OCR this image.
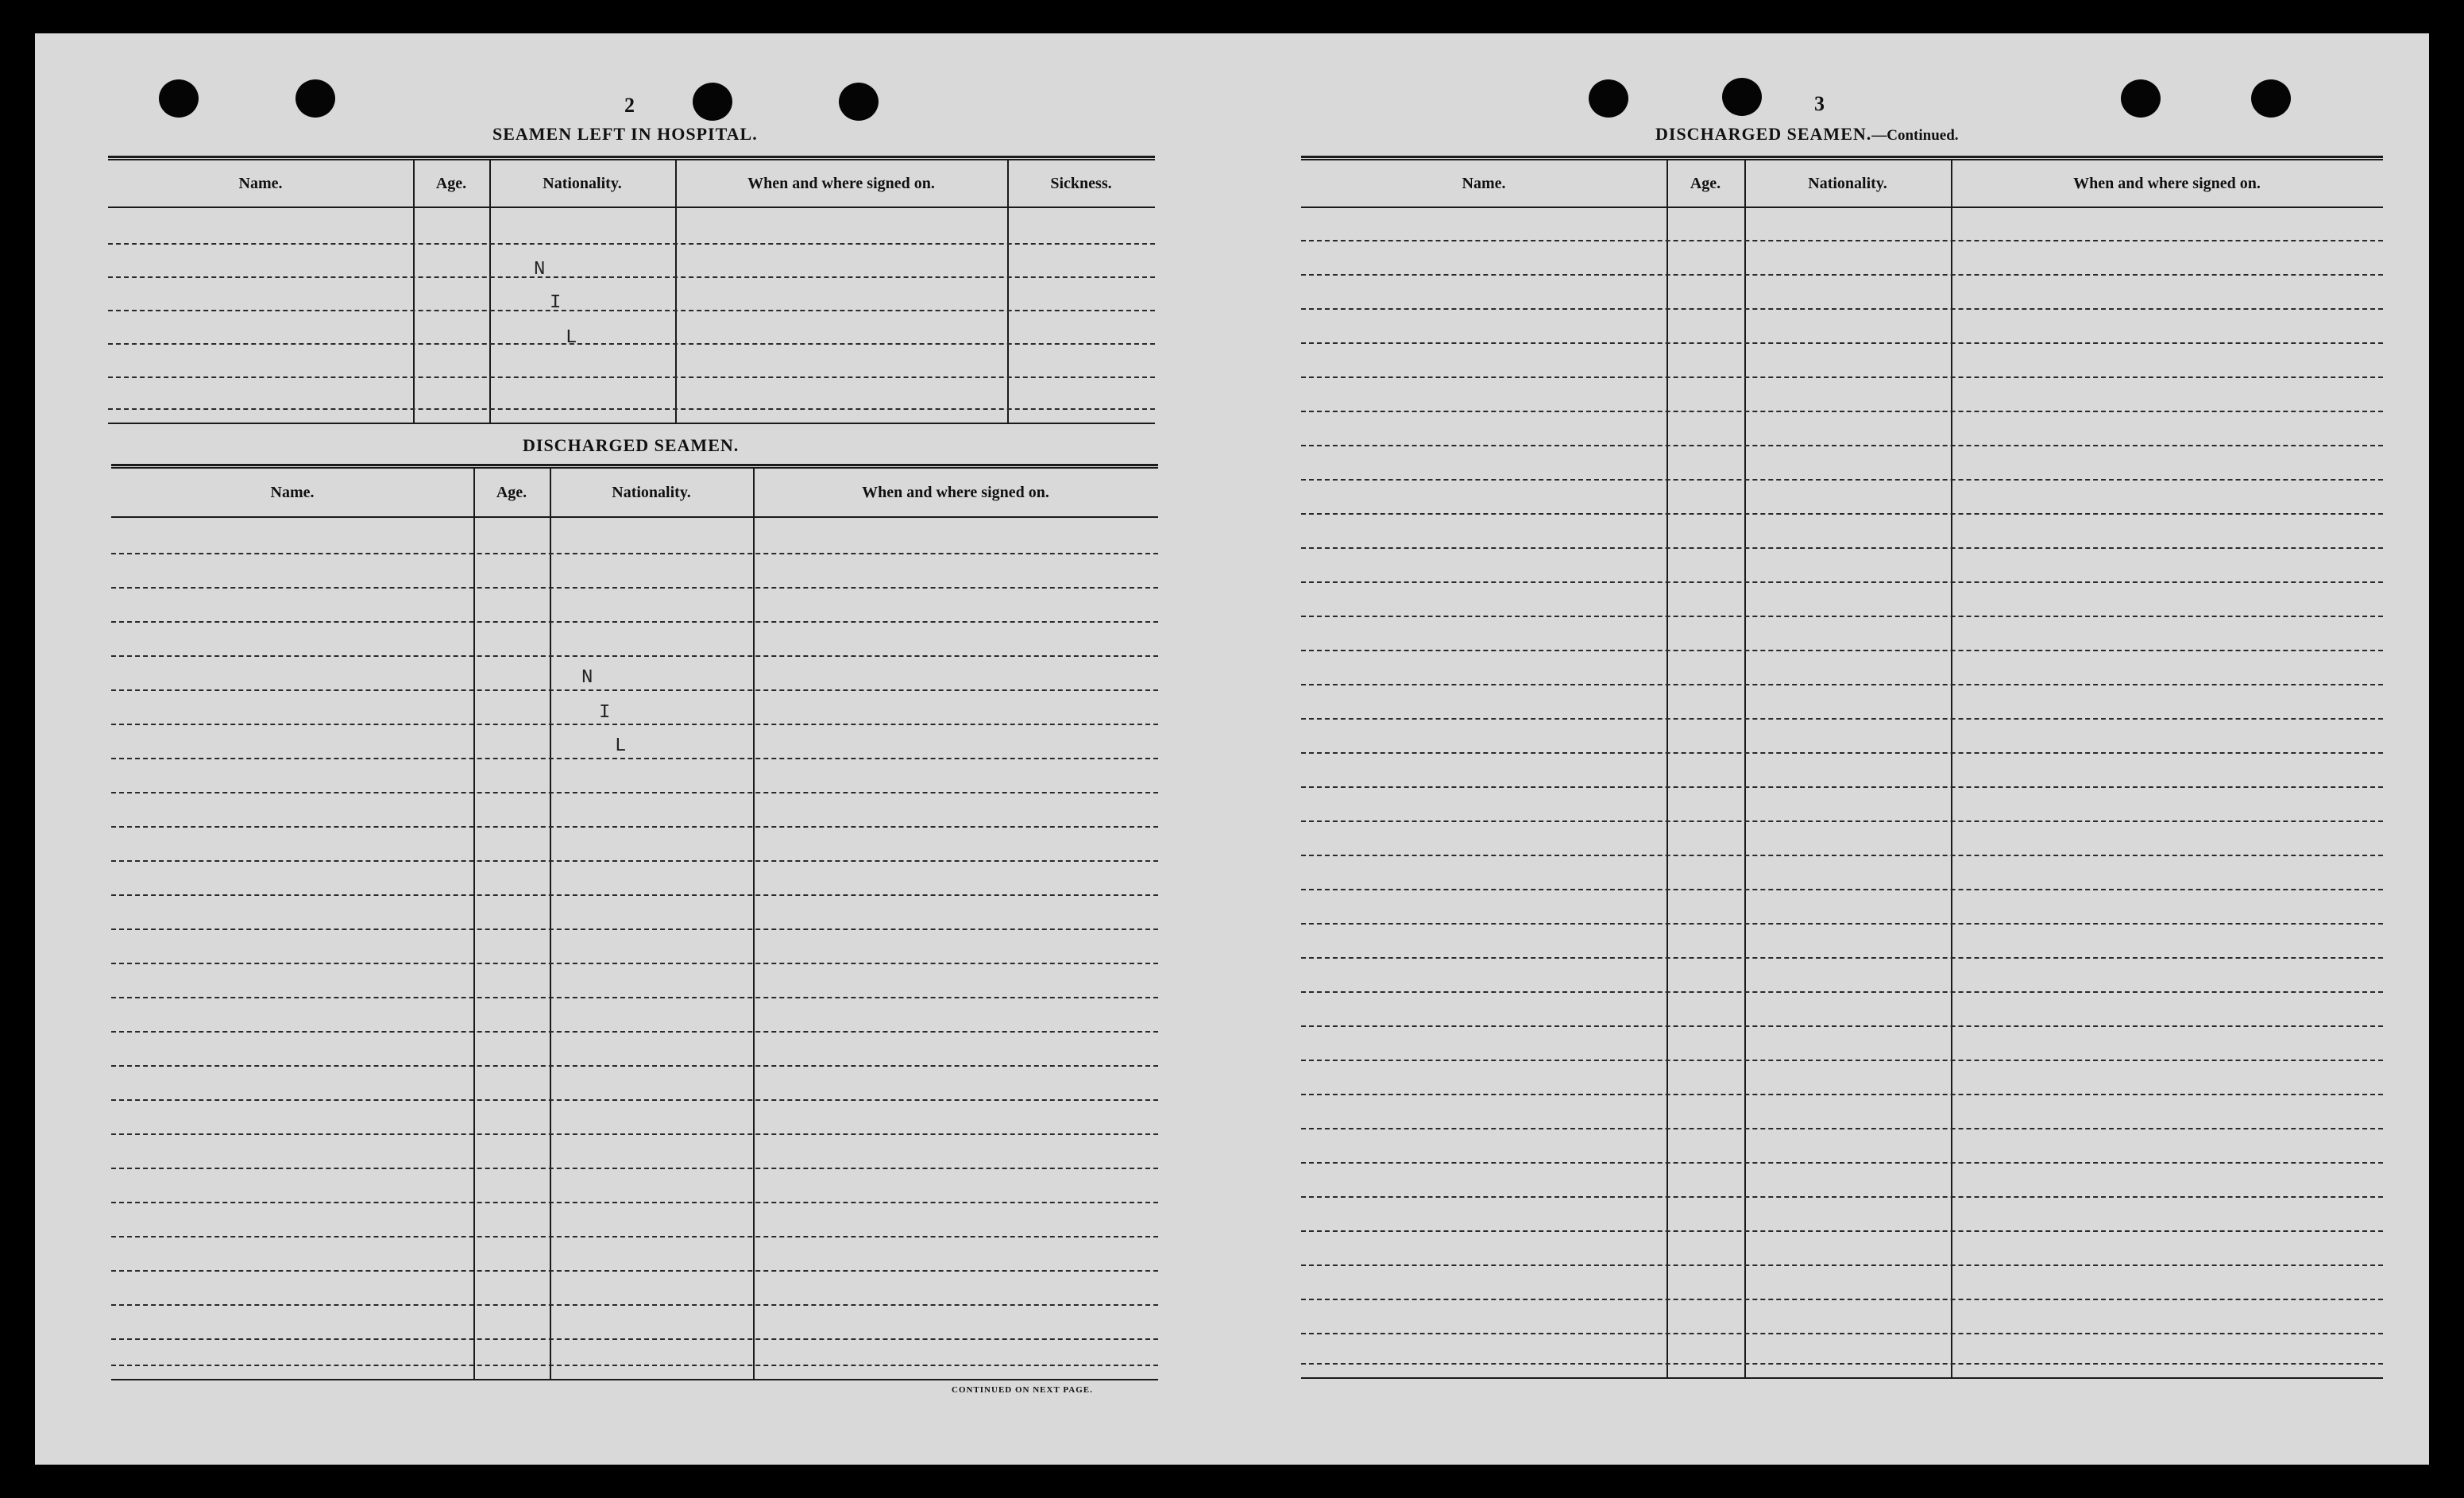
2	3
SEAMEN LEFT IN HOSPITAL.
Name.	Age.	Nationality.	When and where signed on.	Sickness.
N
I
L
DISCHARGED SEAMEN.
Name.	Age.	Nationality.	When and where signed on.
N
I
L
CONTINUED ON NEXT PAGE.
DISCHARGED SEAMEN.—Continued.
Name.	Age.	Nationality.	When and where signed on.
